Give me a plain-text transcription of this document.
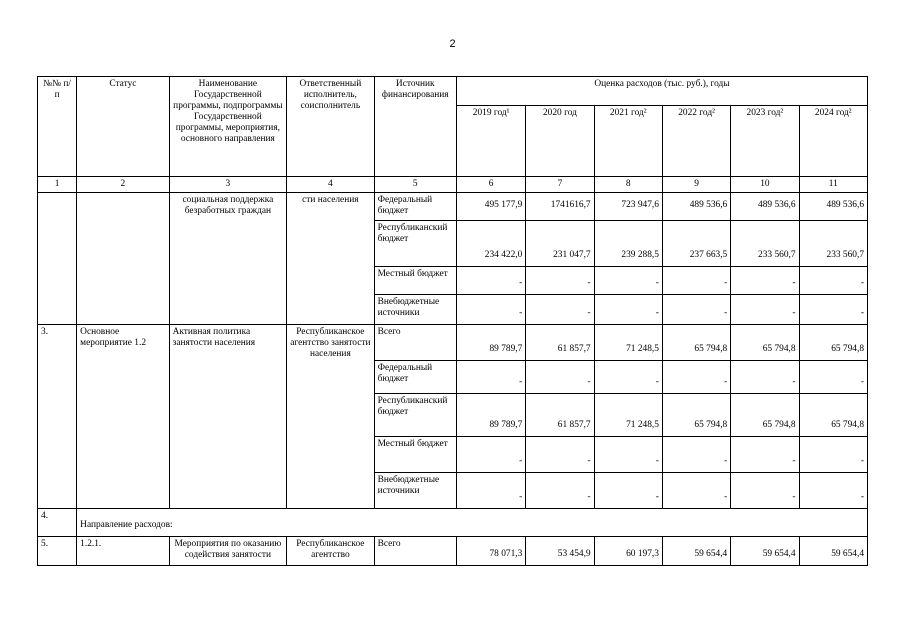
2
№№ п/п	Статус	Наименование Государственной программы, подпрограммы Государственной программы, мероприятия, основного направления	Ответственный исполнитель, соисполнитель	Источник финансирования	Оценка расходов (тыс. руб.), годы					
					2019 год¹	2020 год	2021 год²	2022 год²	2023 год²	2024 год²
1	2	3	4	5	6	7	8	9	10	11
		социальная поддержка безработных граждан	сти населения	Федеральный бюджет	495 177,9	1741616,7	723 947,6	489 536,6	489 536,6	489 536,6
				Республиканский бюджет	234 422,0	231 047,7	239 288,5	237 663,5	233 560,7	233 560,7
				Местный бюджет	-	-	-	-	-	-
				Внебюджетные источники	-	-	-	-	-	-
3.	Основное мероприятие 1.2	Активная политика занятости населения	Республиканское агентство занятости населения	Всего	89 789,7	61 857,7	71 248,5	65 794,8	65 794,8	65 794,8
				Федеральный бюджет	-	-	-	-	-	-
				Республиканский бюджет	89 789,7	61 857,7	71 248,5	65 794,8	65 794,8	65 794,8
				Местный бюджет	-	-	-	-	-	-
				Внебюджетные источники	-	-	-	-	-	-
4.	Направление расходов:									
5.	1.2.1.	Мероприятия по оказанию содействия занятости	Республиканское агентство	Всего	78 071,3	53 454,9	60 197,3	59 654,4	59 654,4	59 654,4
